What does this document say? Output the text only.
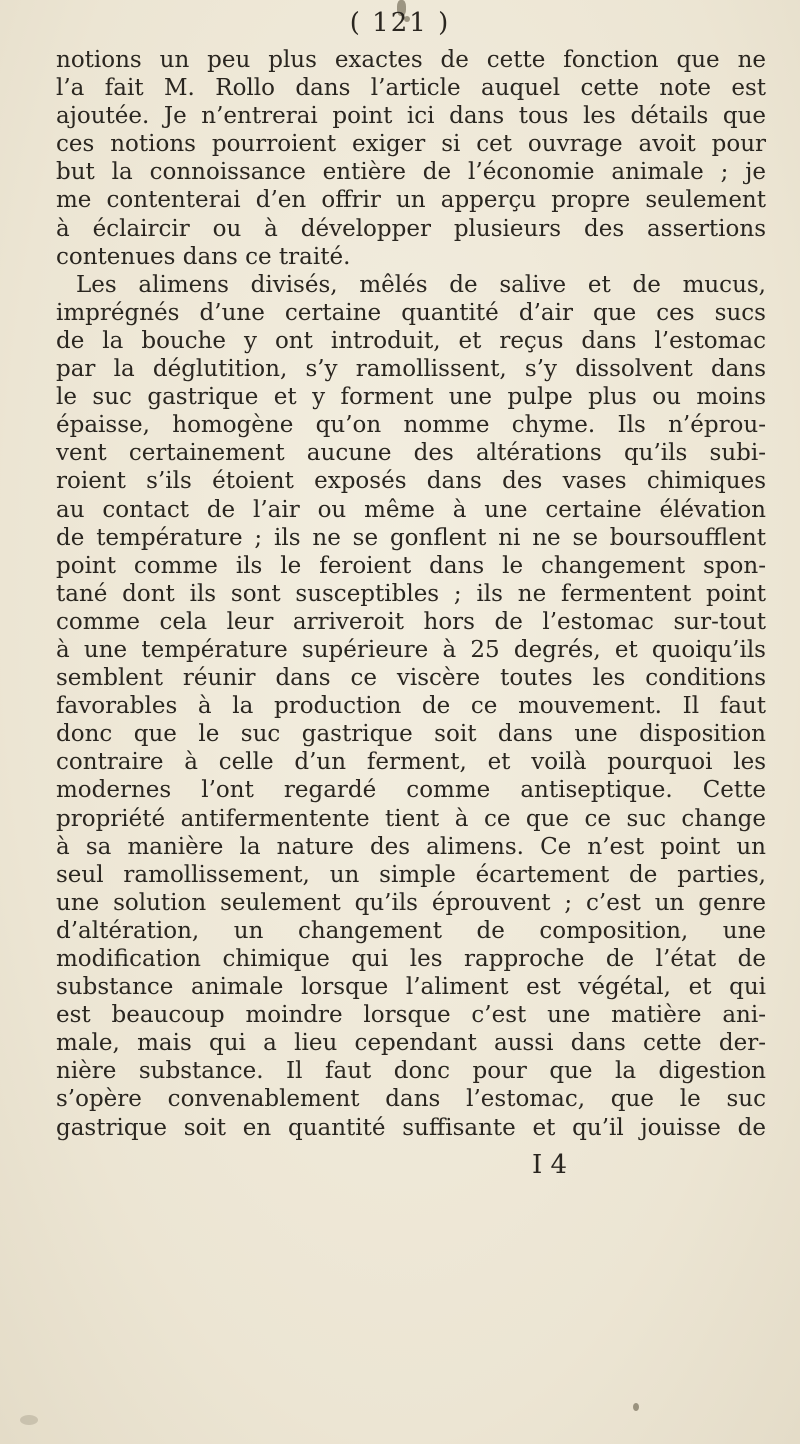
( 121 )
notions un peu plus exactes de cette fonction que ne
l’a fait M. Rollo dans l’article auquel cette note est
ajoutée. Je n’entrerai point ici dans tous les détails que
ces notions pourroient exiger si cet ouvrage avoit pour
but la connoissance entière de l’économie animale ; je
me contenterai d’en offrir un apperçu propre seulement
à éclaircir ou à développer plusieurs des assertions
contenues dans ce traité.
Les alimens divisés, mêlés de salive et de mucus,
imprégnés d’une certaine quantité d’air que ces sucs
de la bouche y ont introduit, et reçus dans l’estomac
par la déglutition, s’y ramollissent, s’y dissolvent dans
le suc gastrique et y forment une pulpe plus ou moins
épaisse, homogène qu’on nomme chyme. Ils n’éprou-
vent certainement aucune des altérations qu’ils subi-
roient s’ils étoient exposés dans des vases chimiques
au contact de l’air ou même à une certaine élévation
de température ; ils ne se gonflent ni ne se boursoufflent
point comme ils le feroient dans le changement spon-
tané dont ils sont susceptibles ; ils ne fermentent point
comme cela leur arriveroit hors de l’estomac sur-tout
à une température supérieure à 25 degrés, et quoiqu’ils
semblent réunir dans ce viscère toutes les conditions
favorables à la production de ce mouvement. Il faut
donc que le suc gastrique soit dans une disposition
contraire à celle d’un ferment, et voilà pourquoi les
modernes l’ont regardé comme antiseptique. Cette
propriété antifermentente tient à ce que ce suc change
à sa manière la nature des alimens. Ce n’est point un
seul ramollissement, un simple écartement de parties,
une solution seulement qu’ils éprouvent ; c’est un genre
d’altération, un changement de composition, une
modification chimique qui les rapproche de l’état de
substance animale lorsque l’aliment est végétal, et qui
est beaucoup moindre lorsque c’est une matière ani-
male, mais qui a lieu cependant aussi dans cette der-
nière substance. Il faut donc pour que la digestion
s’opère convenablement dans l’estomac, que le suc
gastrique soit en quantité suffisante et qu’il jouisse de
I 4
